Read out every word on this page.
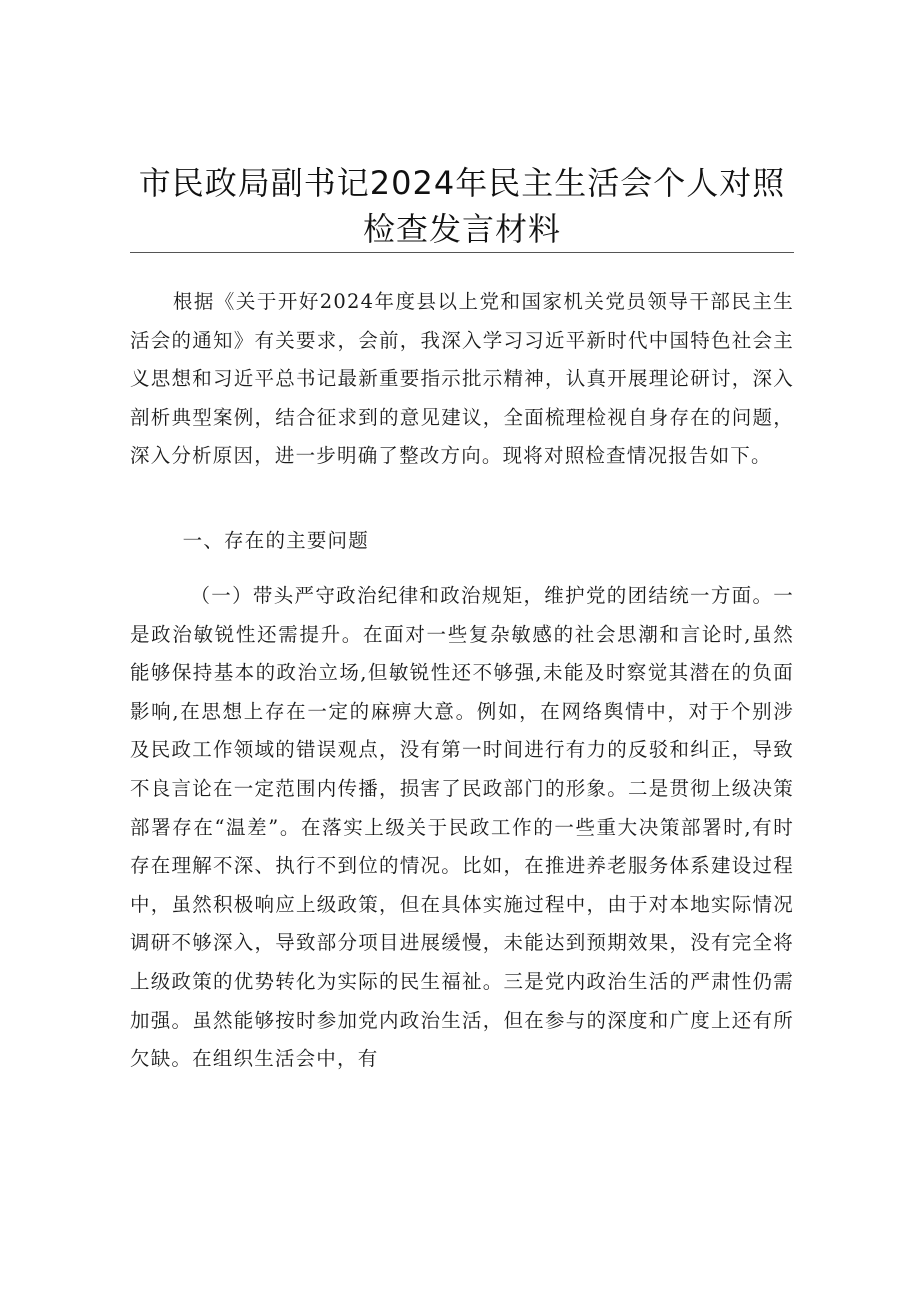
市民政局副书记2024年民主生活会个人对照
检查发言材料
根据《关于开好2024年度县以上党和国家机关党员领导干部民主生活会的通知》有关要求，会前，我深入学习习近平新时代中国特色社会主义思想和习近平总书记最新重要指示批示精神，认真开展理论研讨，深入剖析典型案例，结合征求到的意见建议，全面梳理检视自身存在的问题，深入分析原因，进一步明确了整改方向。现将对照检查情况报告如下。
一、存在的主要问题
（一）带头严守政治纪律和政治规矩，维护党的团结统一方面。一是政治敏锐性还需提升。在面对一些复杂敏感的社会思潮和言论时,虽然能够保持基本的政治立场,但敏锐性还不够强,未能及时察觉其潜在的负面影响,在思想上存在一定的麻痹大意。例如，在网络舆情中，对于个别涉及民政工作领域的错误观点，没有第一时间进行有力的反驳和纠正，导致不良言论在一定范围内传播，损害了民政部门的形象。二是贯彻上级决策部署存在“温差”。在落实上级关于民政工作的一些重大决策部署时,有时存在理解不深、执行不到位的情况。比如，在推进养老服务体系建设过程中，虽然积极响应上级政策，但在具体实施过程中，由于对本地实际情况调研不够深入，导致部分项目进展缓慢，未能达到预期效果，没有完全将上级政策的优势转化为实际的民生福祉。三是党内政治生活的严肃性仍需加强。虽然能够按时参加党内政治生活，但在参与的深度和广度上还有所欠缺。在组织生活会中，有
